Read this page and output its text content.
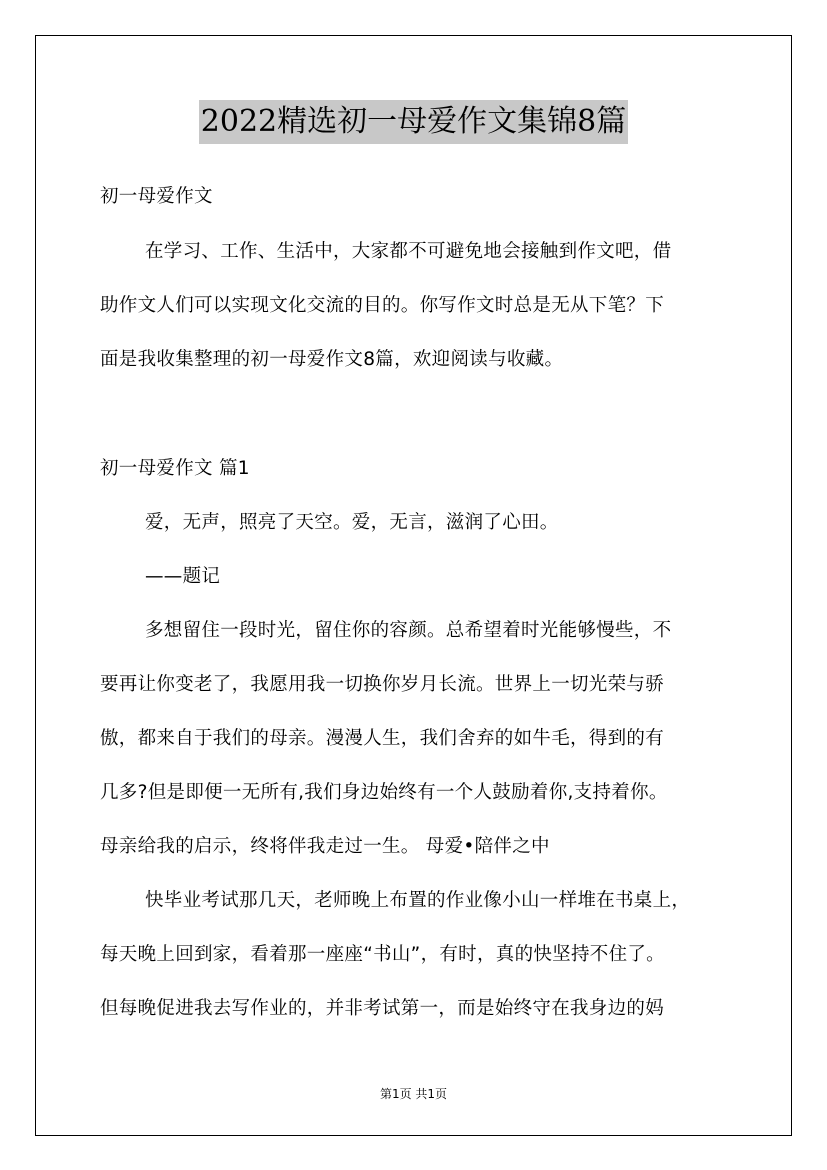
2022精选初一母爱作文集锦8篇
初一母爱作文
在学习、工作、生活中，大家都不可避免地会接触到作文吧，借
助作文人们可以实现文化交流的目的。你写作文时总是无从下笔？下
面是我收集整理的初一母爱作文8篇，欢迎阅读与收藏。
初一母爱作文 篇1
爱，无声，照亮了天空。爱，无言，滋润了心田。
——题记
多想留住一段时光，留住你的容颜。总希望着时光能够慢些，不
要再让你变老了，我愿用我一切换你岁月长流。世界上一切光荣与骄
傲，都来自于我们的母亲。漫漫人生，我们舍弃的如牛毛，得到的有
几多?但是即便一无所有,我们身边始终有一个人鼓励着你,支持着你。
母亲给我的启示，终将伴我走过一生。 母爱•陪伴之中
快毕业考试那几天，老师晚上布置的作业像小山一样堆在书桌上，
每天晚上回到家，看着那一座座“书山”，有时，真的快坚持不住了。
但每晚促进我去写作业的，并非考试第一，而是始终守在我身边的妈
第1页 共1页
